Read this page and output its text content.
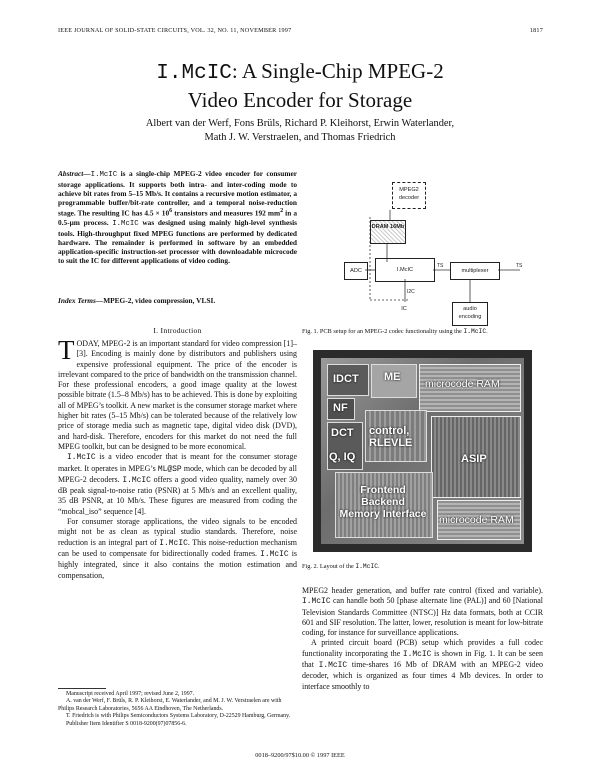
IEEE JOURNAL OF SOLID-STATE CIRCUITS, VOL. 32, NO. 11, NOVEMBER 1997	1817
I.McIC: A Single-Chip MPEG-2
Video Encoder for Storage
Albert van der Werf, Fons Brüls, Richard P. Kleihorst, Erwin Waterlander,
Math J. W. Verstraelen, and Thomas Friedrich
Abstract—I.McIC is a single-chip MPEG-2 video encoder for consumer storage applications. It supports both intra- and inter-coding mode to achieve bit rates from 5–15 Mb/s. It contains a recursive motion estimator, a programmable buffer/bit-rate controller, and a temporal noise-reduction stage. The resulting IC has $4.5 \times 10^6$ transistors and measures 192 $mm^2$ in a 0.5-μm process. I.McIC was designed using mainly high-level synthesis tools. High-throughput fixed MPEG functions are performed by dedicated hardware. The remainder is performed in software by an embedded application-specific instruction-set processor with downloadable microcode to suit the IC for different applications of video coding.
Index Terms—MPEG-2, video compression, VLSI.
I. Introduction

TODAY, MPEG-2 is an important standard for video compression [1]–[3]. Encoding is mainly done by distributors and publishers using expensive professional equipment. The price of the encoder is irrelevant compared to the price of bandwidth on the transmission channel. For these professional encoders, a good image quality at the lowest possible bitrate (1.5–8 Mb/s) has to be achieved. This is done by exploiting all of MPEG’s toolkit. A new market is the consumer storage market where higher bit rates (5–15 Mb/s) can be tolerated because of the relatively low price of storage media such as magnetic tape, digital video disk (DVD), and hard-disk. Therefore, encoders for this market do not need the full MPEG toolkit, but can be designed to be more economical.

I.McIC is a video encoder that is meant for the consumer storage market. It operates in MPEG’s ML@SP mode, which can be decoded by all MPEG-2 decoders. I.McIC offers a good video quality, namely over 30 dB peak signal-to-noise ratio (PSNR) at 5 Mb/s and an excellent quality, 35 dB PSNR, at 10 Mb/s. These figures are measured from coding the “mobcal_iso” sequence [4].

For consumer storage applications, the video signals to be encoded might not be as clean as typical studio standards. Therefore, noise reduction is an integral part of I.McIC. This noise-reduction mechanism can be used to compensate for bidirectionally coded frames. I.McIC is highly integrated, since it also contains the motion estimation and compensation,

Manuscript received April 1997; revised June 2, 1997.

A. van der Werf, F. Brüls, R. P. Kleihorst, E. Waterlander, and M. J. W. Verstraelen are with Philips Research Laboratories, 5656 AA Eindhoven, The Netherlands.

T. Friedrich is with Philips Semiconductors Systems Laboratory, D-22529 Hamburg, Germany.

Publisher Item Identifier S 0018-9200(97)07856-6.

TS
TS
I2C
MPEG2 decoder
DRAM 16Mb
ADC	I.McIC	multiplexer
audio encoding
IC
Fig. 1. PCB setup for an MPEG-2 codec functionality using the I.McIC.
IDCT ME
microcode RAM
NF
DCT control,
RLEVLE
ASIP
Q, IQ
Frontend
Backend
Memory Interface microcode RAM
Fig. 2. Layout of the I.McIC.

MPEG2 header generation, and buffer rate control (fixed and variable). I.McIC can handle both 50 [phase alternate line (PAL)] and 60 [National Television Standards Committee (NTSC)] Hz data formats, both at CCIR 601 and SIF resolution. The latter, lower, resolution is meant for low-bitrate coding, for instance for surveillance applications.

A printed circuit board (PCB) setup which provides a full codec functionality incorporating the I.McIC is shown in Fig. 1. It can be seen that I.McIC time-shares 16 Mb of DRAM with an MPEG-2 video decoder, which is organized as four times 4 Mb devices. In order to interface smoothly to

0018–9200/97$10.00 © 1997 IEEE
